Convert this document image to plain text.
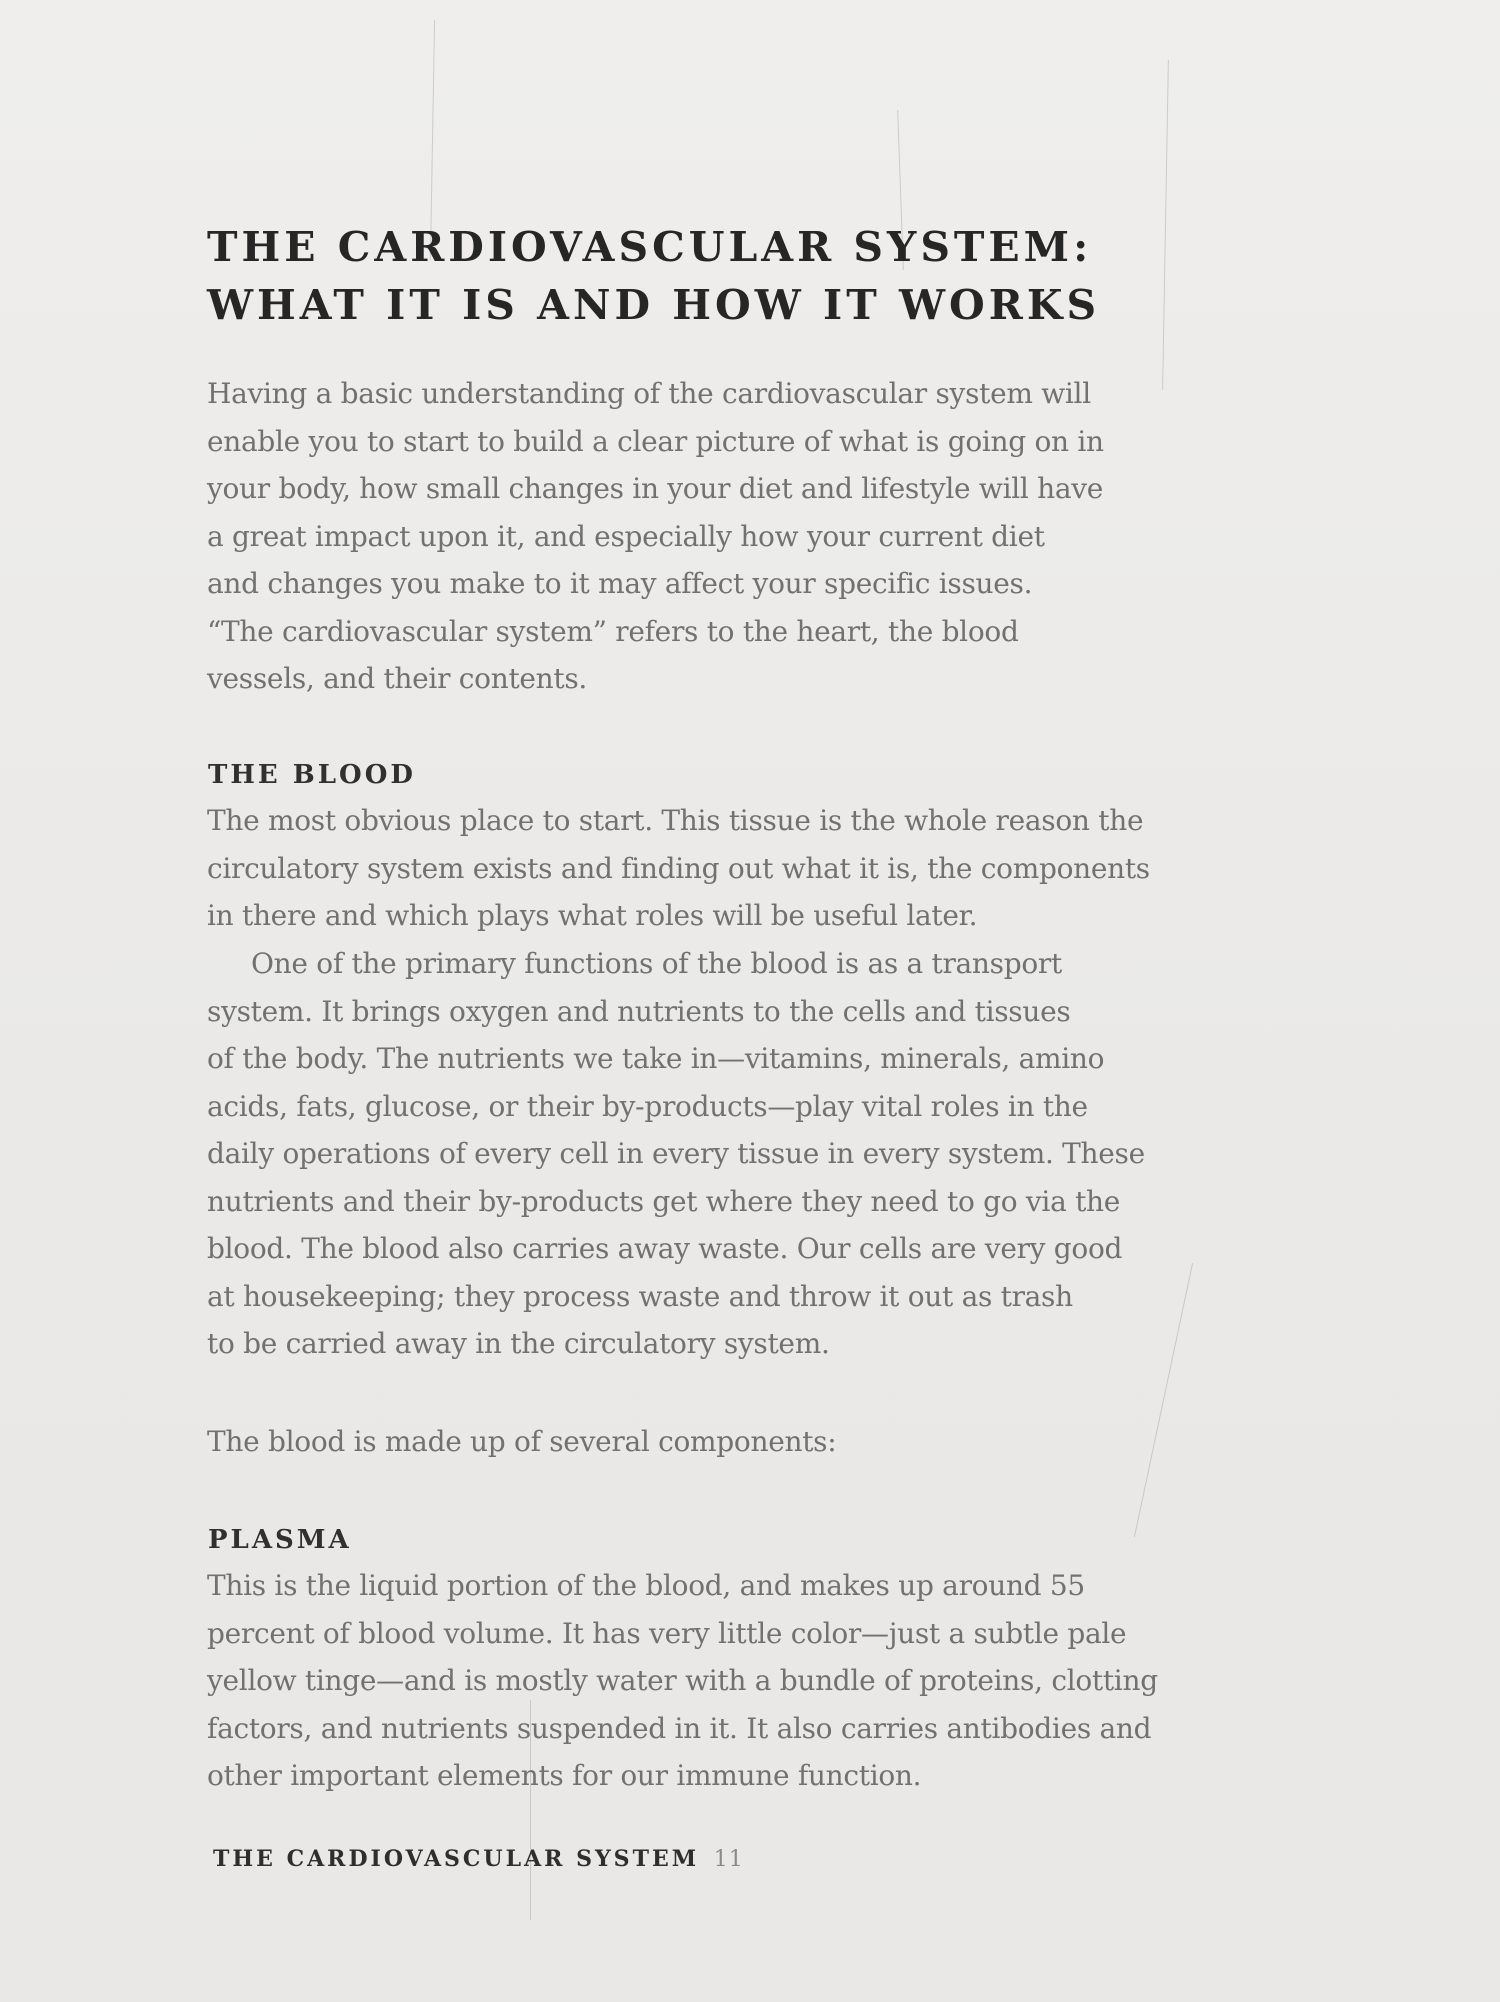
THE CARDIOVASCULAR SYSTEM:
WHAT IT IS AND HOW IT WORKS
Having a basic understanding of the cardiovascular system will
enable you to start to build a clear picture of what is going on in
your body, how small changes in your diet and lifestyle will have
a great impact upon it, and especially how your current diet
and changes you make to it may affect your specific issues.
“The cardiovascular system” refers to the heart, the blood
vessels, and their contents.
THE BLOOD
The most obvious place to start. This tissue is the whole reason the
circulatory system exists and finding out what it is, the components
in there and which plays what roles will be useful later.
One of the primary functions of the blood is as a transport
system. It brings oxygen and nutrients to the cells and tissues
of the body. The nutrients we take in—vitamins, minerals, amino
acids, fats, glucose, or their by-products—play vital roles in the
daily operations of every cell in every tissue in every system. These
nutrients and their by-products get where they need to go via the
blood. The blood also carries away waste. Our cells are very good
at housekeeping; they process waste and throw it out as trash
to be carried away in the circulatory system.
The blood is made up of several components:
PLASMA
This is the liquid portion of the blood, and makes up around 55
percent of blood volume. It has very little color—just a subtle pale
yellow tinge—and is mostly water with a bundle of proteins, clotting
factors, and nutrients suspended in it. It also carries antibodies and
other important elements for our immune function.
THE CARDIOVASCULAR SYSTEM 11
